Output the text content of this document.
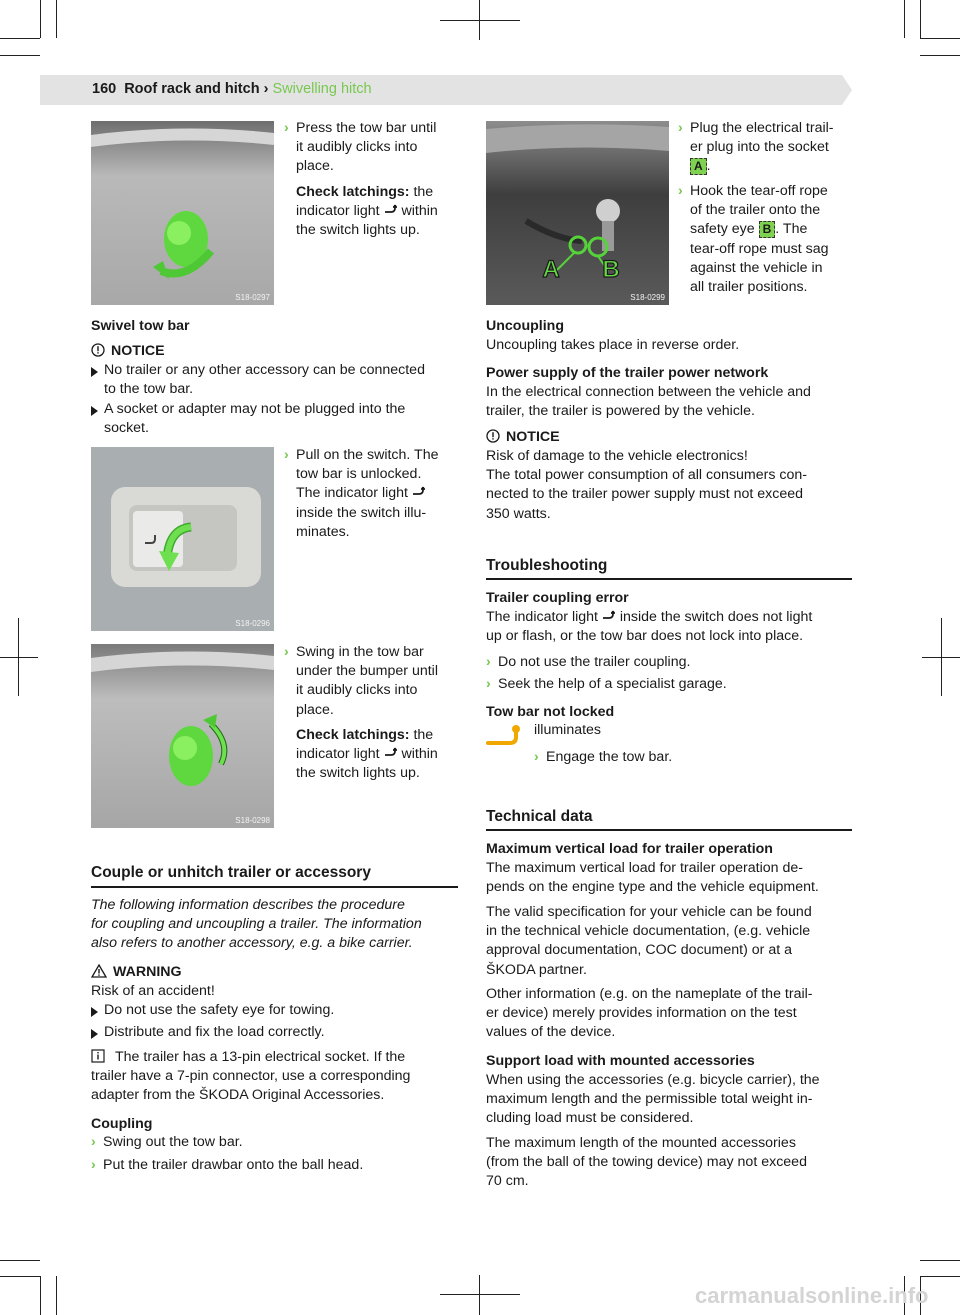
160 Roof rack and hitch › Swivelling hitch
S18-0297
› Press the tow bar until
it audibly clicks into
place.
Check latchings: the
indicator light  within
the switch lights up.
Swivel tow bar
NOTICE
No trailer or any other accessory can be connected
to the tow bar.
A socket or adapter may not be plugged into the
socket.
S18-0296
› Pull on the switch. The
tow bar is unlocked.
The indicator light
inside the switch illu-
minates.
S18-0298
› Swing in the tow bar
under the bumper until
it audibly clicks into
place.
Check latchings: the
indicator light  within
the switch lights up.
Couple or unhitch trailer or accessory
The following information describes the procedure
for coupling and uncoupling a trailer. The information
also refers to another accessory, e.g. a bike carrier.
WARNING
Risk of an accident!
Do not use the safety eye for towing.
Distribute and fix the load correctly.
The trailer has a 13-pin electrical socket. If the
trailer have a 7-pin connector, use a corresponding
adapter from the ŠKODA Original Accessories.
Coupling
› Swing out the tow bar.
› Put the trailer drawbar onto the ball head.
A B
S18-0299
› Plug the electrical trail-
er plug into the socket
A .
› Hook the tear-off rope
of the trailer onto the
safety eye B . The
tear-off rope must sag
against the vehicle in
all trailer positions.
Uncoupling
Uncoupling takes place in reverse order.
Power supply of the trailer power network
In the electrical connection between the vehicle and
trailer, the trailer is powered by the vehicle.
NOTICE
Risk of damage to the vehicle electronics!
The total power consumption of all consumers con-
nected to the trailer power supply must not exceed
350 watts.
Troubleshooting
Trailer coupling error
The indicator light  inside the switch does not light
up or flash, or the tow bar does not lock into place.
› Do not use the trailer coupling.
› Seek the help of a specialist garage.
Tow bar not locked
illuminates
› Engage the tow bar.
Technical data
Maximum vertical load for trailer operation
The maximum vertical load for trailer operation de-
pends on the engine type and the vehicle equipment.
The valid specification for your vehicle can be found
in the technical vehicle documentation, (e.g. vehicle
approval documentation, COC document) or at a
ŠKODA partner.
Other information (e.g. on the nameplate of the trail-
er device) merely provides information on the test
values of the device.
Support load with mounted accessories
When using the accessories (e.g. bicycle carrier), the
maximum length and the permissible total weight in-
cluding load must be considered.
The maximum length of the mounted accessories
(from the ball of the towing device) may not exceed
70 cm.
carmanualsonline.info
